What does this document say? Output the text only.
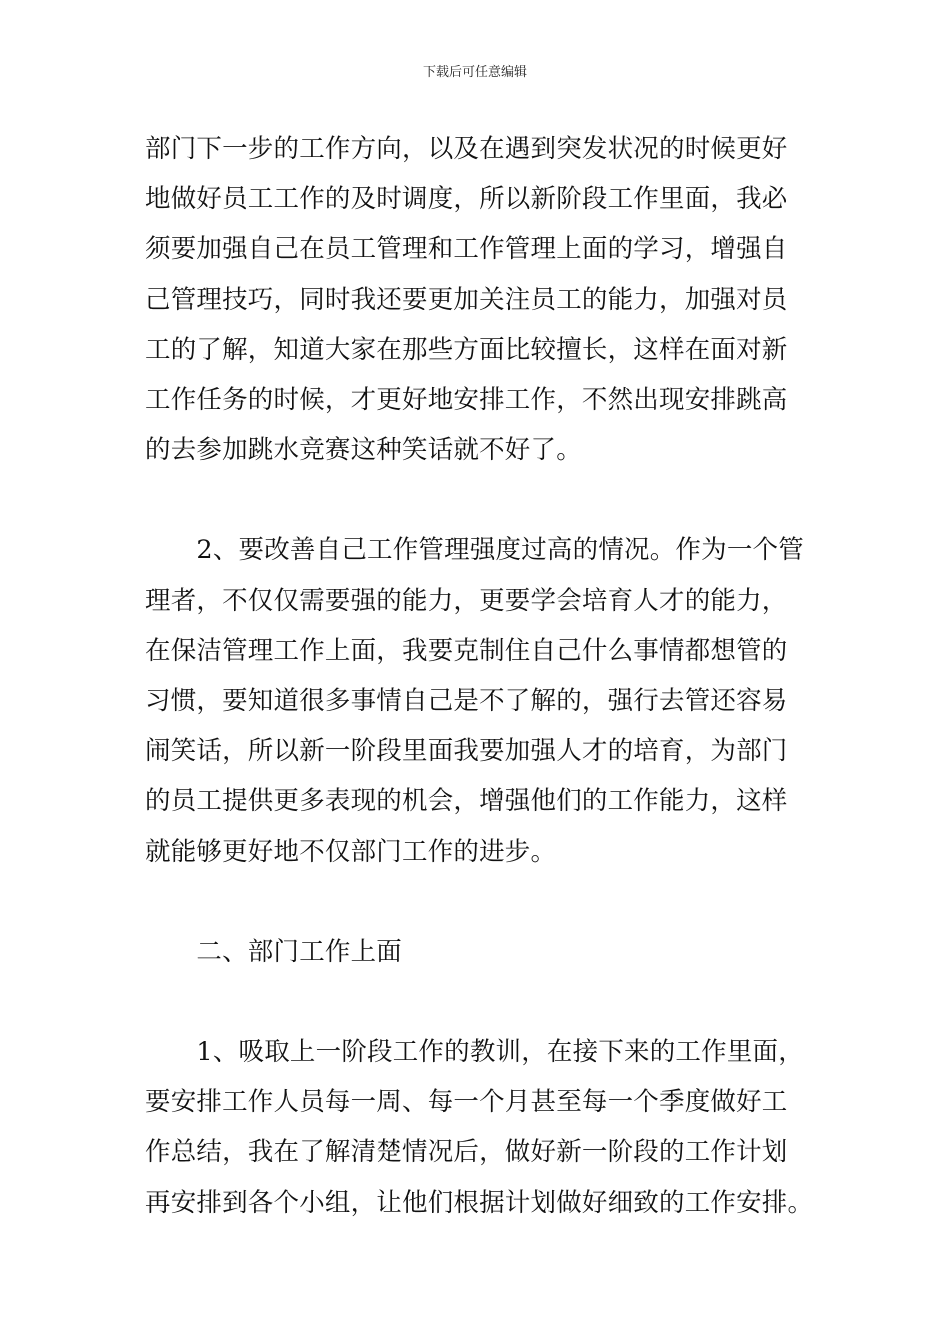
下载后可任意编辑

部门下一步的工作方向，以及在遇到突发状况的时候更好
地做好员工工作的及时调度，所以新阶段工作里面，我必
须要加强自己在员工管理和工作管理上面的学习，增强自
己管理技巧，同时我还要更加关注员工的能力，加强对员
工的了解，知道大家在那些方面比较擅长，这样在面对新
工作任务的时候，才更好地安排工作，不然出现安排跳高
的去参加跳水竞赛这种笑话就不好了。

　　2、要改善自己工作管理强度过高的情况。作为一个管
理者，不仅仅需要强的能力，更要学会培育人才的能力，
在保洁管理工作上面，我要克制住自己什么事情都想管的
习惯，要知道很多事情自己是不了解的，强行去管还容易
闹笑话，所以新一阶段里面我要加强人才的培育，为部门
的员工提供更多表现的机会，增强他们的工作能力，这样
就能够更好地不仅部门工作的进步。

　　二、部门工作上面

　　1、吸取上一阶段工作的教训，在接下来的工作里面，
要安排工作人员每一周、每一个月甚至每一个季度做好工
作总结，我在了解清楚情况后，做好新一阶段的工作计划
再安排到各个小组，让他们根据计划做好细致的工作安排。
